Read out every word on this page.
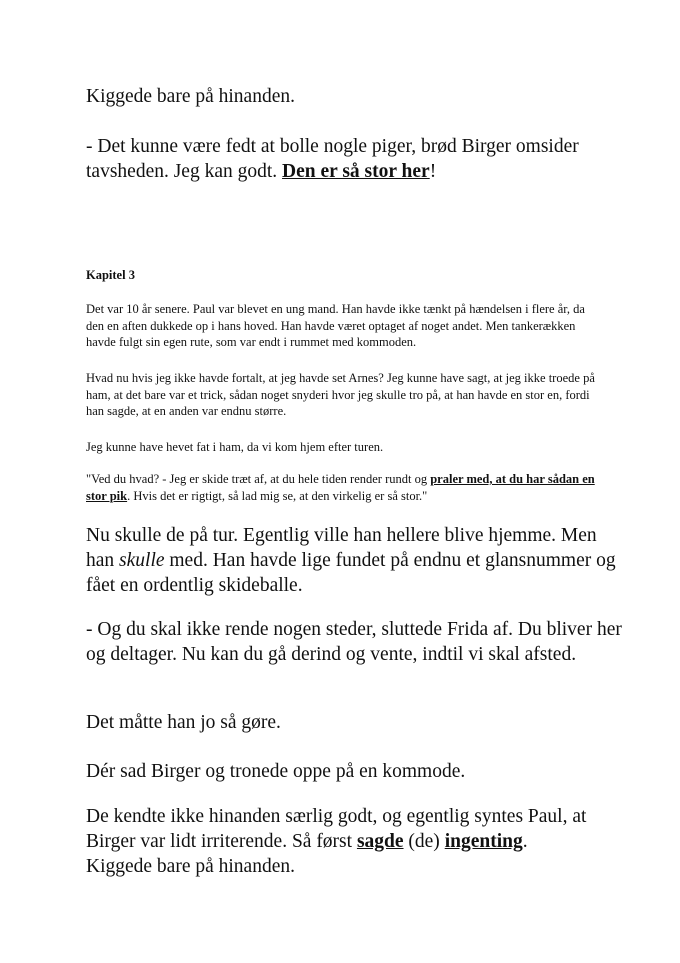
Kiggede bare på hinanden.

- Det kunne være fedt at bolle nogle piger, brød Birger omsider tavsheden. Jeg kan godt. Den er så stor her!

Kapitel 3

Det var 10 år senere. Paul var blevet en ung mand. Han havde ikke tænkt på hændelsen i flere år, da den en aften dukkede op i hans hoved. Han havde været optaget af noget andet. Men tankerækken havde fulgt sin egen rute, som var endt i rummet med kommoden.

Hvad nu hvis jeg ikke havde fortalt, at jeg havde set Arnes? Jeg kunne have sagt, at jeg ikke troede på ham, at det bare var et trick, sådan noget snyderi hvor jeg skulle tro på, at han havde en stor en, fordi han sagde, at en anden var endnu større.

Jeg kunne have hevet fat i ham, da vi kom hjem efter turen.

"Ved du hvad? - Jeg er skide træt af, at du hele tiden render rundt og praler med, at du har sådan en stor pik. Hvis det er rigtigt, så lad mig se, at den virkelig er så stor."

Nu skulle de på tur. Egentlig ville han hellere blive hjemme. Men han skulle med. Han havde lige fundet på endnu et glansnummer og fået en ordentlig skideballe.

- Og du skal ikke rende nogen steder, sluttede Frida af. Du bliver her og deltager. Nu kan du gå derind og vente, indtil vi skal afsted.

Det måtte han jo så gøre.

Dér sad Birger og tronede oppe på en kommode.

De kendte ikke hinanden særlig godt, og egentlig syntes Paul, at Birger var lidt irriterende. Så først sagde (de) ingenting.
Kiggede bare på hinanden.
